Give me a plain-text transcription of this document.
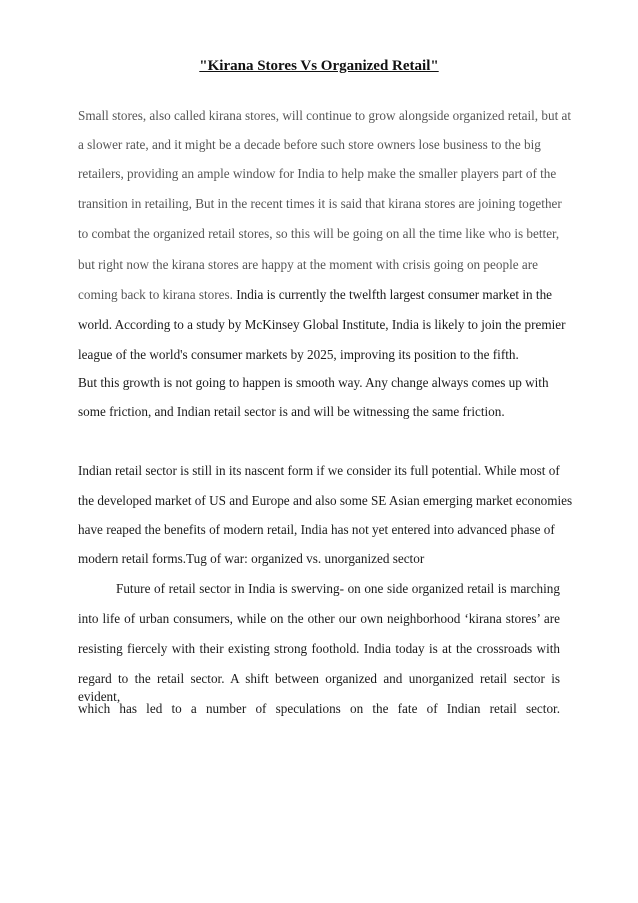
"Kirana Stores Vs Organized Retail"
Small stores, also called kirana stores, will continue to grow alongside organized retail, but at
a slower rate, and it might be a decade before such store owners lose business to the big
retailers, providing an ample window for India to help make the smaller players part of the
transition in retailing, But in the recent times it is said that kirana stores are joining together
to combat the organized retail stores, so this will be going on all the time like who is better,
but right now the kirana stores are happy at the moment with crisis going on people are
coming back to kirana stores. India is currently the twelfth largest consumer market in the
world. According to a study by McKinsey Global Institute, India is likely to join the premier
league of the world's consumer markets by 2025, improving its position to the fifth.
But this growth is not going to happen is smooth way. Any change always comes up with
some friction, and Indian retail sector is and will be witnessing the same friction.
Indian retail sector is still in its nascent form if we consider its full potential. While most of
the developed market of US and Europe and also some SE Asian emerging market economies
have reaped the benefits of modern retail, India has not yet entered into advanced phase of
modern retail forms.Tug of war: organized vs. unorganized sector
Future of retail sector in India is swerving- on one side organized retail is marching
into life of urban consumers, while on the other our own neighborhood ‘kirana stores’ are
resisting fiercely with their existing strong foothold. India today is at the crossroads with
regard to the retail sector. A shift between organized and unorganized retail sector is evident,
which has led to a number of speculations on the fate of Indian retail sector.
